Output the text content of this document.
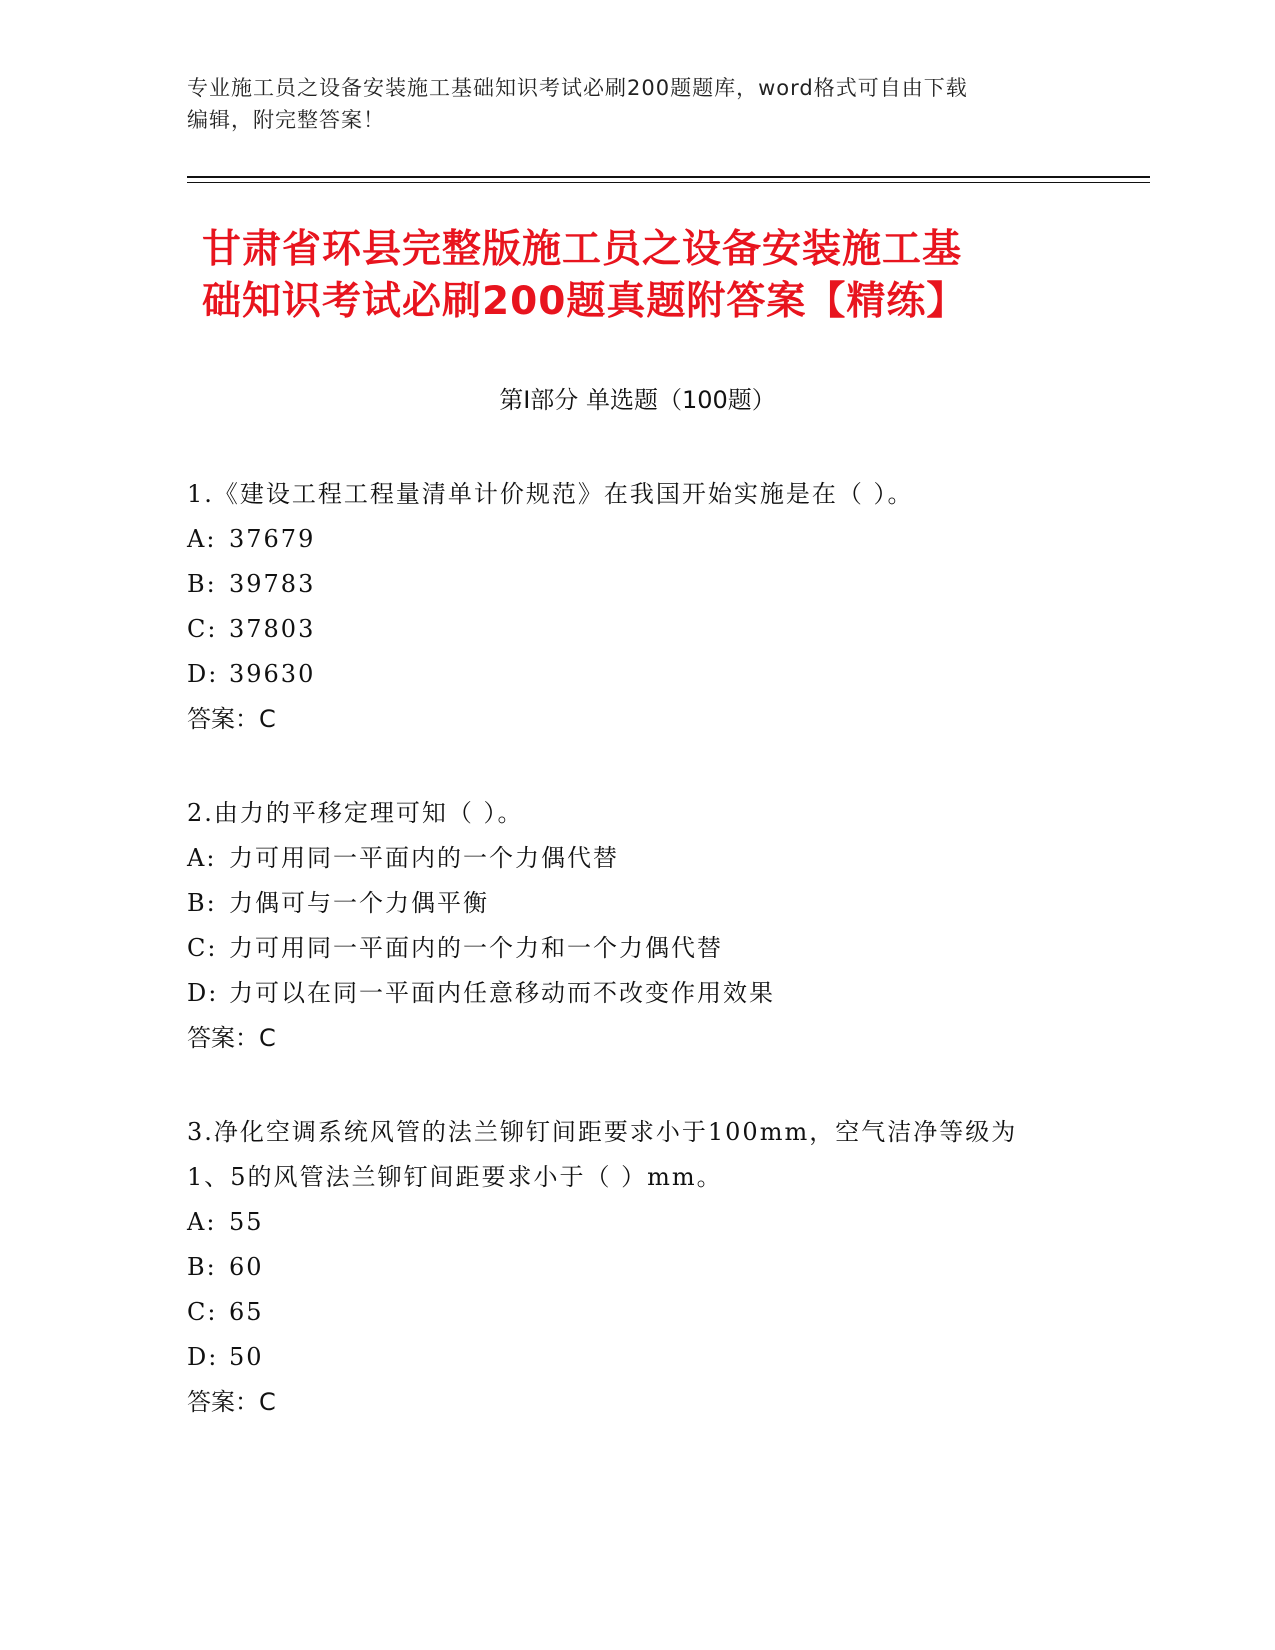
专业施工员之设备安装施工基础知识考试必刷200题题库，word格式可自由下载
编辑，附完整答案！
甘肃省环县完整版施工员之设备安装施工基
础知识考试必刷200题真题附答案【精练】
第Ⅰ部分 单选题（100题）
1.《建设工程工程量清单计价规范》在我国开始实施是在（ ）。
A: 37679
B: 39783
C: 37803
D: 39630
答案：C
2.由力的平移定理可知（ ）。
A: 力可用同一平面内的一个力偶代替
B: 力偶可与一个力偶平衡
C: 力可用同一平面内的一个力和一个力偶代替
D: 力可以在同一平面内任意移动而不改变作用效果
答案：C
3.净化空调系统风管的法兰铆钉间距要求小于100mm，空气洁净等级为
1、5的风管法兰铆钉间距要求小于（ ）mm。
A: 55
B: 60
C: 65
D: 50
答案：C
